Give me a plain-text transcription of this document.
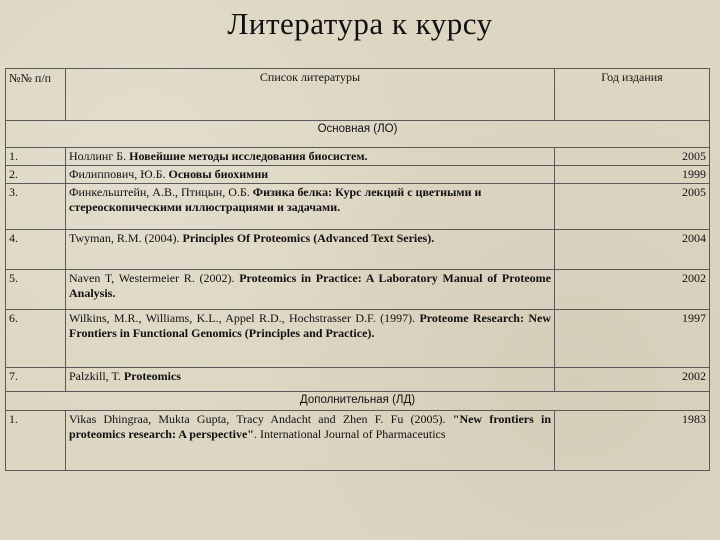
Литература к курсу
№№ п/п	Список литературы	Год издания
Основная (ЛО)		
1.	Ноллинг Б. Новейшие методы исследования биосистем.	2005
2.	Филиппович, Ю.Б. Основы биохимии	1999
3.	Финкельштейн, А.В., Птицын, О.Б. Физика белка: Курс лекций с цветными и стереоскопическими иллюстрациями и задачами.	2005
4.	Twyman, R.M. (2004). Principles Of Proteomics (Advanced Text Series).	2004
5.	Naven T, Westermeier R. (2002). Proteomics in Practice: A Laboratory Manual of Proteome Analysis.	2002
6.	Wilkins, M.R., Williams, K.L., Appel R.D., Hochstrasser D.F. (1997). Proteome Research: New Frontiers in Functional Genomics (Principles and Practice).	1997
7.	Palzkill, T. Proteomics	2002
Дополнительная (ЛД)		
1.	Vikas Dhingraa, Mukta Gupta, Tracy Andacht and Zhen F. Fu (2005). "New frontiers in proteomics research: A perspective". International Journal of Pharmaceutics	1983
